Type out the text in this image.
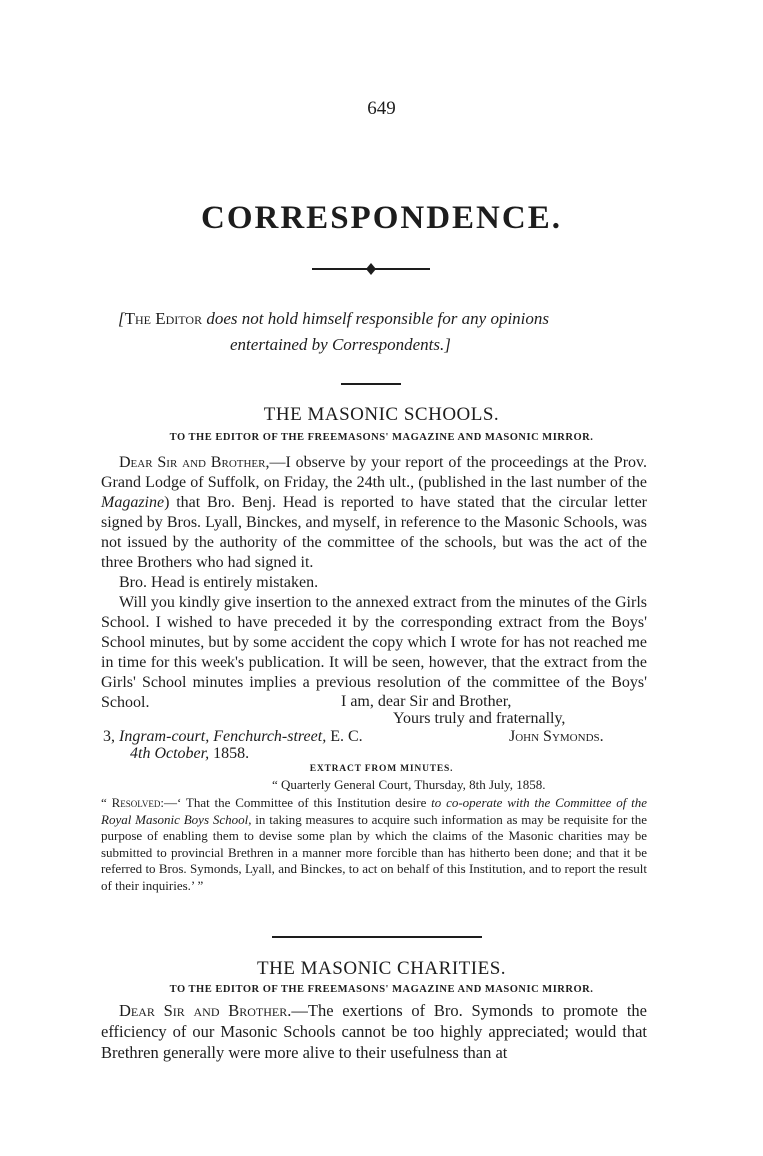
649
CORRESPONDENCE.
[The Editor does not hold himself responsible for any opinions
entertained by Correspondents.]
THE MASONIC SCHOOLS.
TO THE EDITOR OF THE FREEMASONS' MAGAZINE AND MASONIC MIRROR.

Dear Sir and Brother,—I observe by your report of the proceedings at the Prov. Grand Lodge of Suffolk, on Friday, the 24th ult., (published in the last number of the Magazine) that Bro. Benj. Head is reported to have stated that the circular letter signed by Bros. Lyall, Binckes, and myself, in reference to the Masonic Schools, was not issued by the authority of the committee of the schools, but was the act of the three Brothers who had signed it.

Bro. Head is entirely mistaken.

Will you kindly give insertion to the annexed extract from the minutes of the Girls School. I wished to have preceded it by the corresponding extract from the Boys' School minutes, but by some accident the copy which I wrote for has not reached me in time for this week's publication. It will be seen, however, that the extract from the Girls' School minutes implies a previous resolution of the committee of the Boys' School.	I am, dear Sir and Brother,
Yours truly and fraternally,
3, Ingram-court, Fenchurch-street, E. C.	John Symonds.
4th October, 1858.
EXTRACT FROM MINUTES.
“ Quarterly General Court, Thursday, 8th July, 1858.

“ Resolved:—‘ That the Committee of this Institution desire to co-operate with the Committee of the Royal Masonic Boys School, in taking measures to acquire such information as may be requisite for the purpose of enabling them to devise some plan by which the claims of the Masonic charities may be submitted to provincial Brethren in a manner more forcible than has hitherto been done; and that it be referred to Bros. Symonds, Lyall, and Binckes, to act on behalf of this Institution, and to report the result of their inquiries.’ ”

THE MASONIC CHARITIES.
TO THE EDITOR OF THE FREEMASONS' MAGAZINE AND MASONIC MIRROR.

Dear Sir and Brother.—The exertions of Bro. Symonds to promote the efficiency of our Masonic Schools cannot be too highly appreciated; would that Brethren generally were more alive to their usefulness than at
